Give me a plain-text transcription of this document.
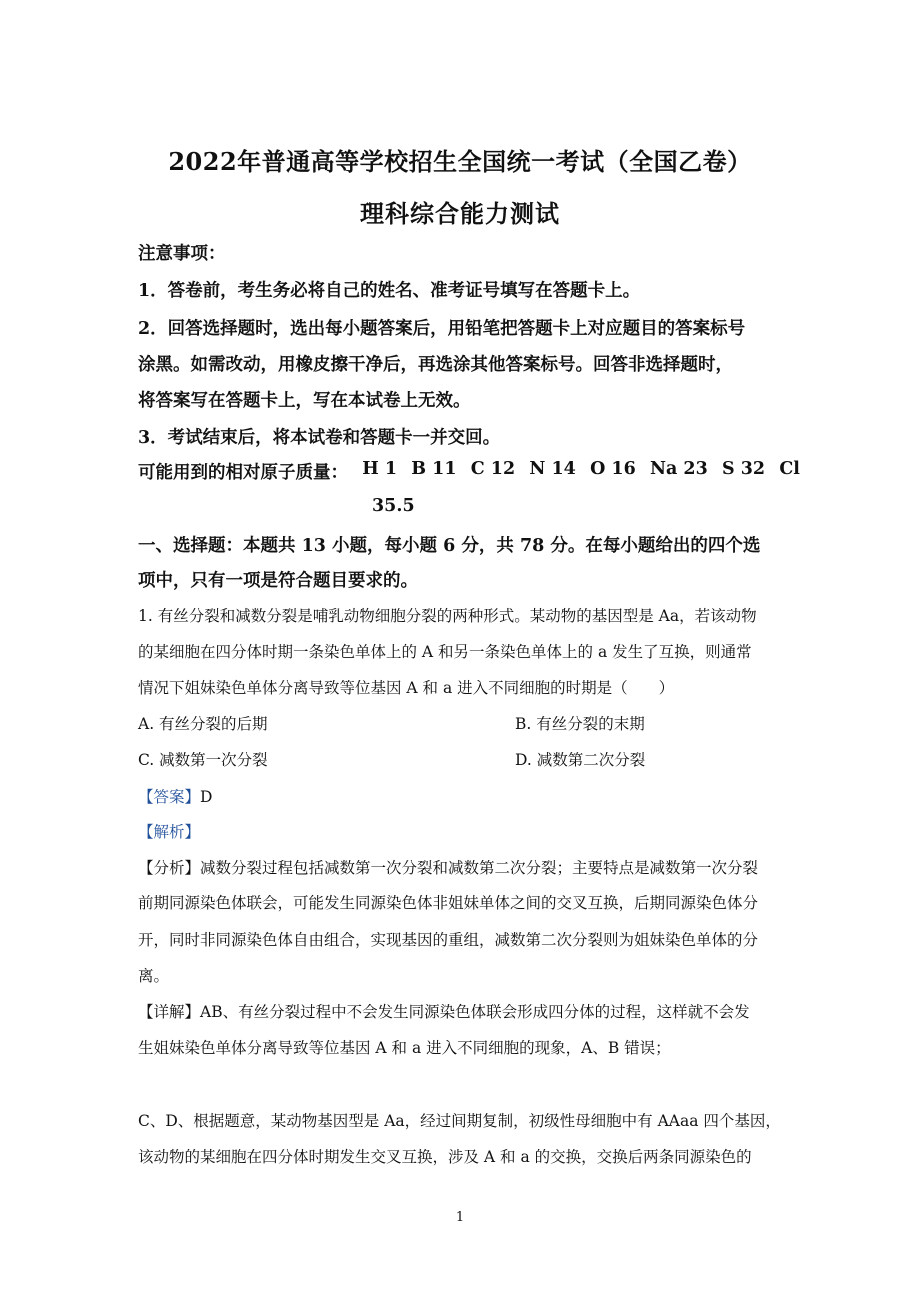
2022年普通高等学校招生全国统一考试（全国乙卷）
理科综合能力测试
注意事项：
1．答卷前，考生务必将自己的姓名、准考证号填写在答题卡上。
2．回答选择题时，选出每小题答案后，用铅笔把答题卡上对应题目的答案标号
涂黑。如需改动，用橡皮擦干净后，再选涂其他答案标号。回答非选择题时，
将答案写在答题卡上，写在本试卷上无效。
3．考试结束后，将本试卷和答题卡一并交回。
可能用到的相对原子质量： H 1 B 11 C 12 N 14 O 16 Na 23 S 32 Cl
35.5
一、选择题：本题共 13 小题，每小题 6 分，共 78 分。在每小题给出的四个选
项中，只有一项是符合题目要求的。
1. 有丝分裂和减数分裂是哺乳动物细胞分裂的两种形式。某动物的基因型是 Aa，若该动物
的某细胞在四分体时期一条染色单体上的 A 和另一条染色单体上的 a 发生了互换，则通常
情况下姐妹染色单体分离导致等位基因 A 和 a 进入不同细胞的时期是（　　）
A. 有丝分裂的后期	B. 有丝分裂的末期
C. 减数第一次分裂	D. 减数第二次分裂
【答案】D
【解析】
【分析】减数分裂过程包括减数第一次分裂和减数第二次分裂；主要特点是减数第一次分裂
前期同源染色体联会，可能发生同源染色体非姐妹单体之间的交叉互换，后期同源染色体分
开，同时非同源染色体自由组合，实现基因的重组，减数第二次分裂则为姐妹染色单体的分
离。
【详解】AB、有丝分裂过程中不会发生同源染色体联会形成四分体的过程，这样就不会发
生姐妹染色单体分离导致等位基因 A 和 a 进入不同细胞的现象，A、B 错误；
C、D、根据题意，某动物基因型是 Aa，经过间期复制，初级性母细胞中有 AAaa 四个基因，
该动物的某细胞在四分体时期发生交叉互换，涉及 A 和 a 的交换，交换后两条同源染色的
1
